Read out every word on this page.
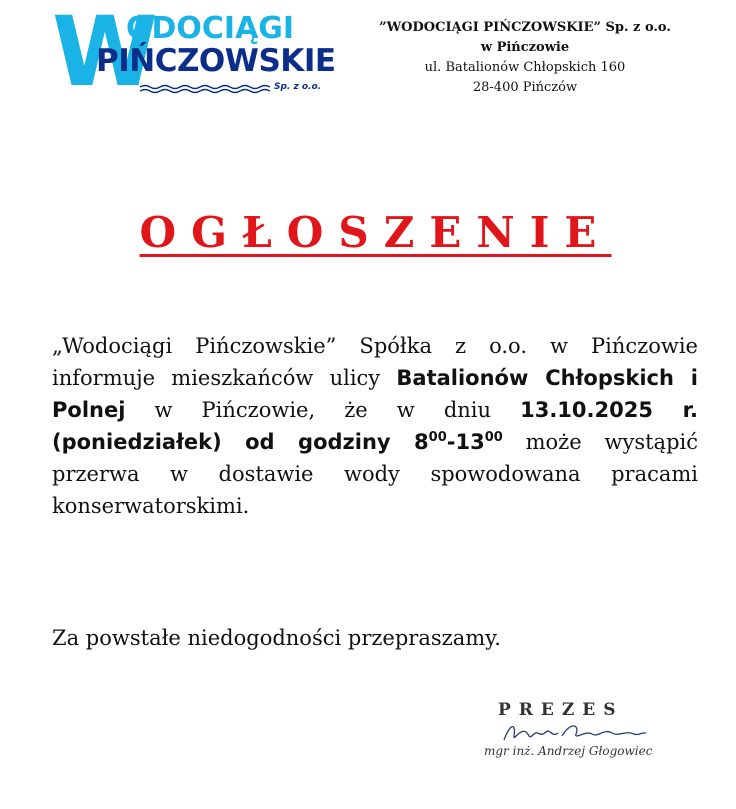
W
ODOCIĄGI
PIŃCZOWSKIE
Sp. z o.o.
”WODOCIĄGI PIŃCZOWSKIE” Sp. z o.o.
w Pińczowie
ul. Batalionów Chłopskich 160
28-400 Pińczów
OGŁOSZENIE
„Wodociągi Pińczowskie” Spółka z o.o. w Pińczowie informuje mieszkańców ulicy Batalionów Chłopskich i Polnej w Pińczowie, że w dniu 13.10.2025 r. (poniedziałek) od godziny $8^{00}-13^{00}$ może wystąpić przerwa w dostawie wody spowodowana pracami konserwatorskimi.
Za powstałe niedogodności przepraszamy.
PREZES
mgr inż. Andrzej Głogowiec
